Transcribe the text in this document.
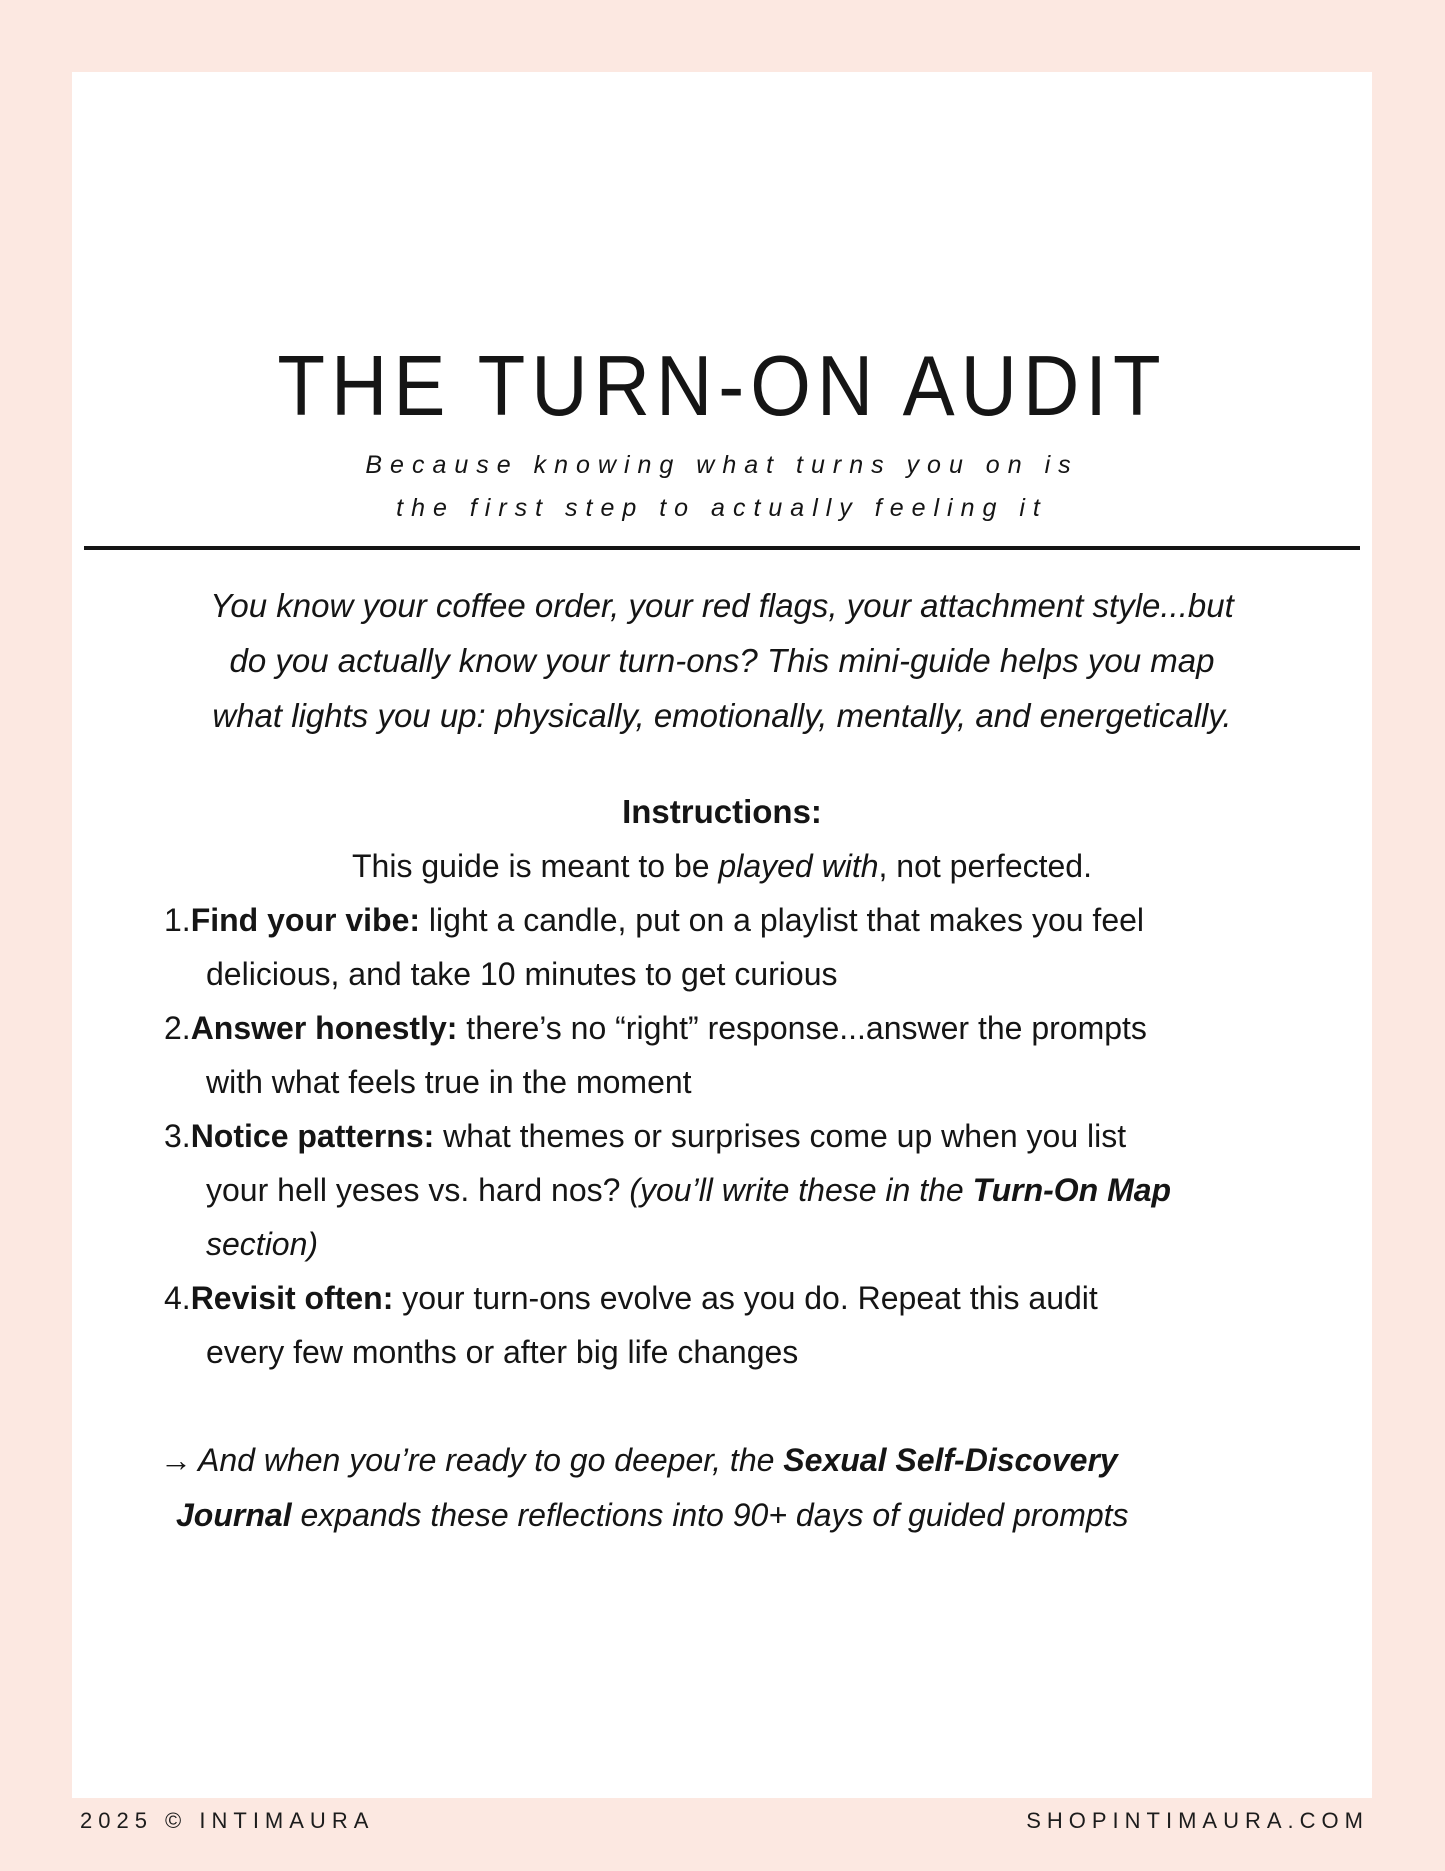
THE TURN-ON AUDIT
Because knowing what turns you on is
the first step to actually feeling it
You know your coffee order, your red flags, your attachment style...but
do you actually know your turn-ons? This mini-guide helps you map
what lights you up: physically, emotionally, mentally, and energetically.
Instructions:
This guide is meant to be played with, not perfected.
1.Find your vibe: light a candle, put on a playlist that makes you feel
delicious, and take 10 minutes to get curious
2.Answer honestly: there’s no “right” response...answer the prompts
with what feels true in the moment
3.Notice patterns: what themes or surprises come up when you list
your hell yeses vs. hard nos? (you’ll write these in the Turn-On Map
section)
4.Revisit often: your turn-ons evolve as you do. Repeat this audit
every few months or after big life changes
→ And when you’re ready to go deeper, the Sexual Self-Discovery
Journal expands these reflections into 90+ days of guided prompts
2025 © INTIMAURA	SHOPINTIMAURA.COM
